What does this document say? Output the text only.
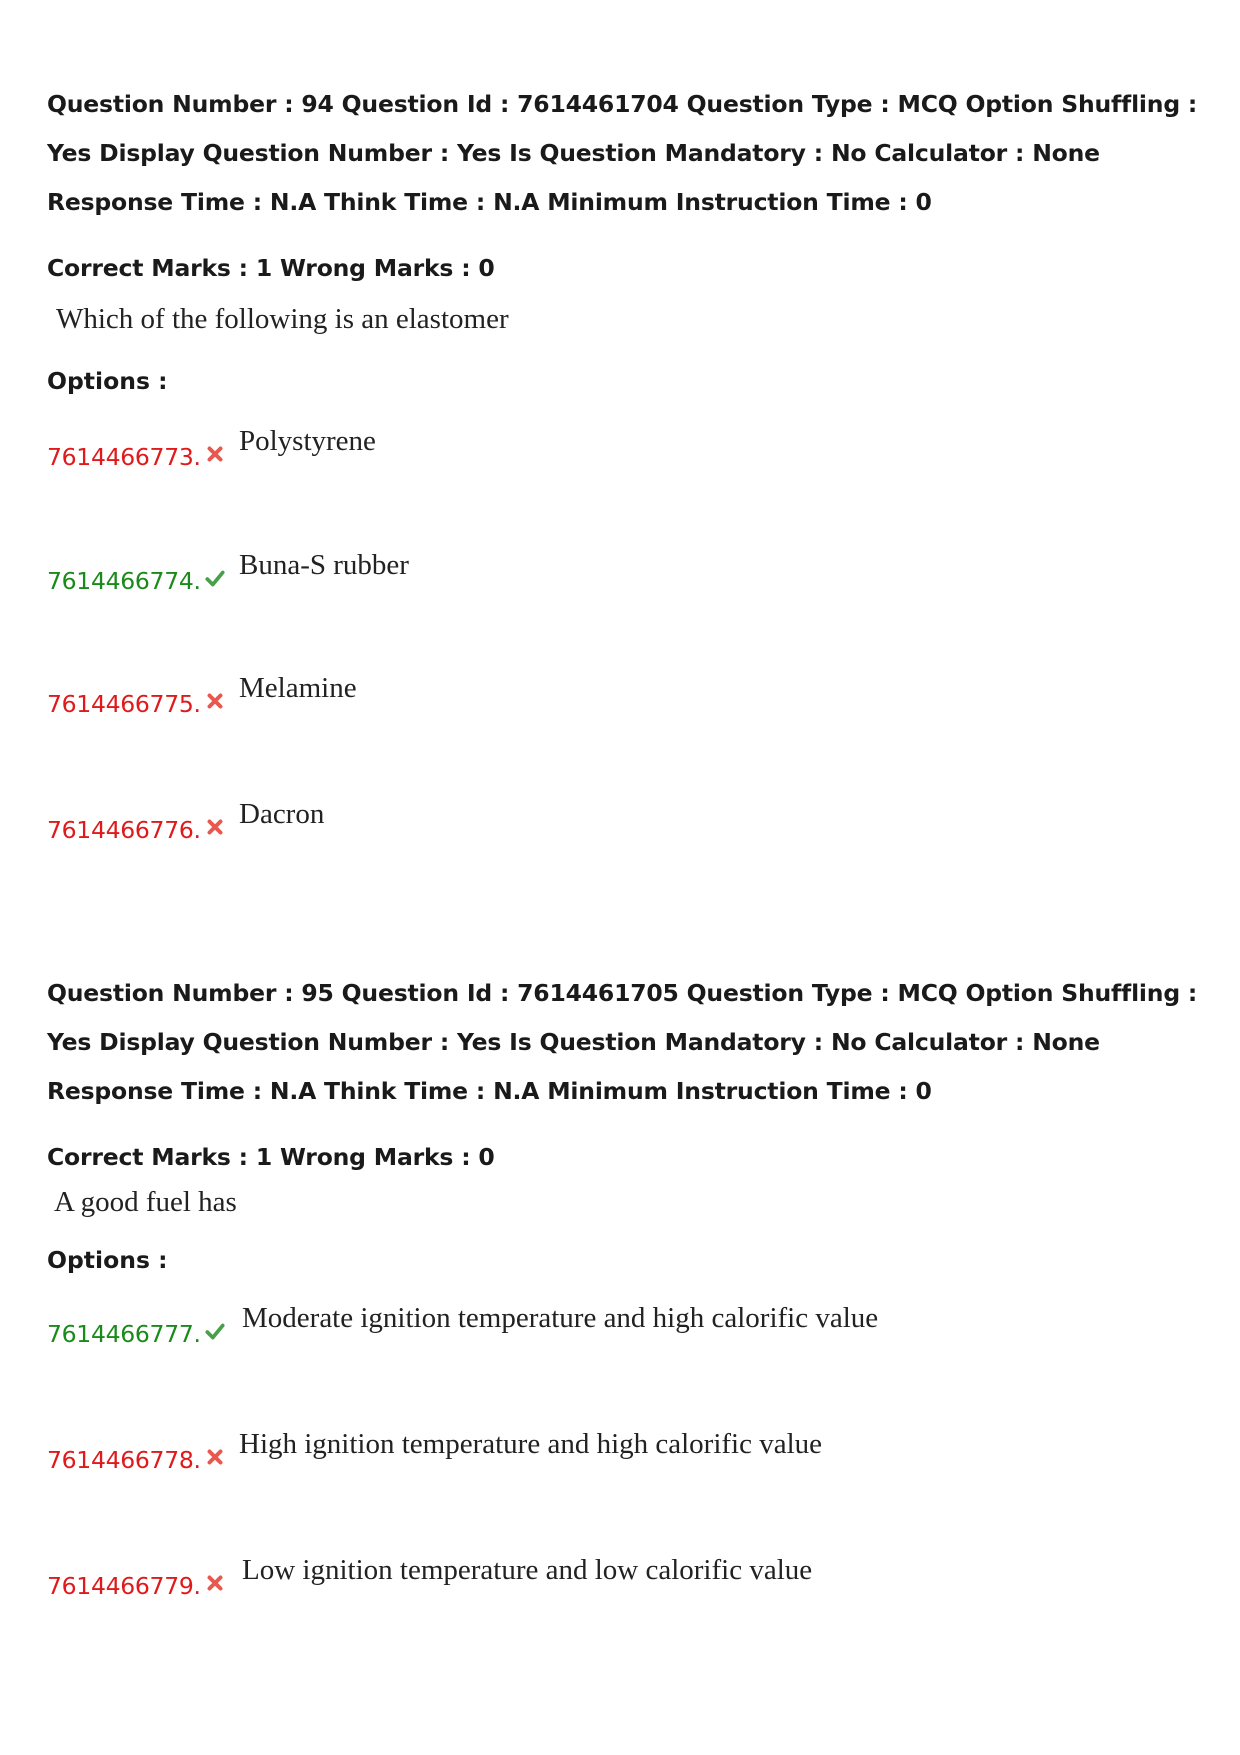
Question Number : 94 Question Id : 7614461704 Question Type : MCQ Option Shuffling : Yes Display Question Number : Yes Is Question Mandatory : No Calculator : None Response Time : N.A Think Time : N.A Minimum Instruction Time : 0
Correct Marks : 1 Wrong Marks : 0
Which of the following is an elastomer
Options :
7614466773. Polystyrene
7614466774. Buna-S rubber
7614466775. Melamine
7614466776. Dacron
Question Number : 95 Question Id : 7614461705 Question Type : MCQ Option Shuffling : Yes Display Question Number : Yes Is Question Mandatory : No Calculator : None Response Time : N.A Think Time : N.A Minimum Instruction Time : 0
Correct Marks : 1 Wrong Marks : 0
A good fuel has
Options :
7614466777. Moderate ignition temperature and high calorific value
7614466778. High ignition temperature and high calorific value
7614466779. Low ignition temperature and low calorific value
